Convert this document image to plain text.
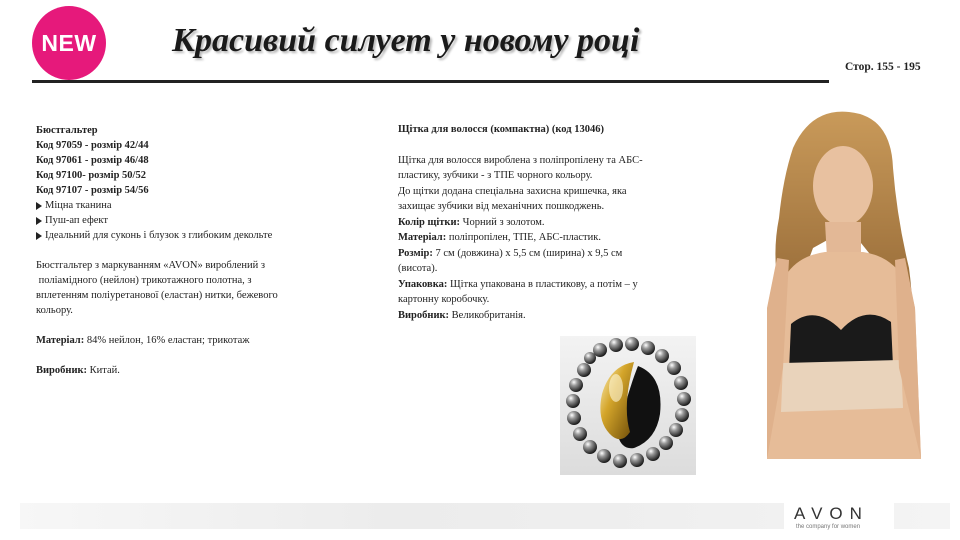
NEW Красивий силует у новому році
Стор. 155 - 195
Бюстгальтер
Код 97059 - розмір 42/44
Код 97061 - розмір 46/48
Код 97100- розмір 50/52
Код 97107 - розмір 54/56
Міцна тканина
Пуш-ап ефект
Ідеальний для суконь і блузок з глибоким декольте
Бюстгальтер з маркуванням «AVON» вироблений з
поліамідного (нейлон) трикотажного полотна, з
вплетенням поліуретанової (еластан) нитки, бежевого
кольору.
Матеріал: 84% нейлон, 16% еластан; трикотаж
Виробник: Китай.
Щітка для волосся (компактна) (код 13046)
Щітка для волосся вироблена з поліпропілену та АБС-
пластику, зубчики - з ТПЕ чорного кольору.
До щітки додана спеціальна захисна кришечка, яка
захищає зубчики від механічних пошкоджень.
Колір щітки: Чорний з золотом.
Матеріал: поліпропілен, ТПЕ, АБС-пластик.
Розмір: 7 см (довжина) х 5,5 см (ширина) х 9,5 см
(висота).
Упаковка: Щітка упакована в пластикову, а потім – у
картонну коробочку.
Виробник: Великобританія.
AVON
the company for women
